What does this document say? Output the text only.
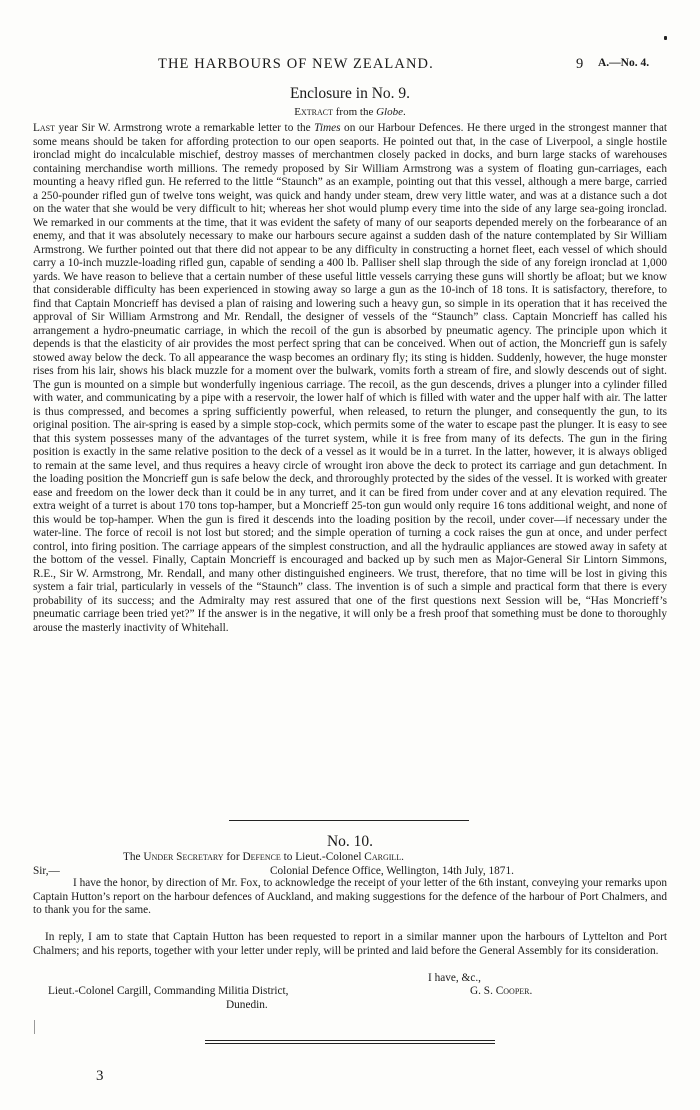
THE HARBOURS OF NEW ZEALAND.	9 A.—No. 4.
Enclosure in No. 9.
Extract from the Globe.
Last year Sir W. Armstrong wrote a remarkable letter to the Times on our Harbour Defences. He there urged in the strongest manner that some means should be taken for affording protection to our open seaports. He pointed out that, in the case of Liverpool, a single hostile ironclad might do incalculable mischief, destroy masses of merchantmen closely packed in docks, and burn large stacks of warehouses containing merchandise worth millions. The remedy proposed by Sir William Armstrong was a system of floating gun-carriages, each mounting a heavy rifled gun. He referred to the little “Staunch” as an example, pointing out that this vessel, although a mere barge, carried a 250-pounder rifled gun of twelve tons weight, was quick and handy under steam, drew very little water, and was at a distance such a dot on the water that she would be very difficult to hit; whereas her shot would plump every time into the side of any large sea-going ironclad. We remarked in our comments at the time, that it was evident the safety of many of our seaports depended merely on the forbearance of an enemy, and that it was absolutely necessary to make our harbours secure against a sudden dash of the nature contemplated by Sir William Armstrong. We further pointed out that there did not appear to be any difficulty in constructing a hornet fleet, each vessel of which should carry a 10-inch muzzle-loading rifled gun, capable of sending a 400 lb. Palliser shell slap through the side of any foreign ironclad at 1,000 yards. We have reason to believe that a certain number of these useful little vessels carrying these guns will shortly be afloat; but we know that considerable difficulty has been experienced in stowing away so large a gun as the 10-inch of 18 tons. It is satisfactory, therefore, to find that Captain Moncrieff has devised a plan of raising and lowering such a heavy gun, so simple in its operation that it has received the approval of Sir William Armstrong and Mr. Rendall, the designer of vessels of the “Staunch” class. Captain Moncrieff has called his arrangement a hydro-pneumatic carriage, in which the recoil of the gun is absorbed by pneumatic agency. The principle upon which it depends is that the elasticity of air provides the most perfect spring that can be conceived. When out of action, the Moncrieff gun is safely stowed away below the deck. To all appearance the wasp becomes an ordinary fly; its sting is hidden. Suddenly, however, the huge monster rises from his lair, shows his black muzzle for a moment over the bulwark, vomits forth a stream of fire, and slowly descends out of sight. The gun is mounted on a simple but wonderfully ingenious carriage. The recoil, as the gun descends, drives a plunger into a cylinder filled with water, and communicating by a pipe with a reservoir, the lower half of which is filled with water and the upper half with air. The latter is thus compressed, and becomes a spring sufficiently powerful, when released, to return the plunger, and consequently the gun, to its original position. The air-spring is eased by a simple stop-cock, which permits some of the water to escape past the plunger. It is easy to see that this system possesses many of the advantages of the turret system, while it is free from many of its defects. The gun in the firing position is exactly in the same relative position to the deck of a vessel as it would be in a turret. In the latter, however, it is always obliged to remain at the same level, and thus requires a heavy circle of wrought iron above the deck to protect its carriage and gun detachment. In the loading position the Moncrieff gun is safe below the deck, and throroughly protected by the sides of the vessel. It is worked with greater ease and freedom on the lower deck than it could be in any turret, and it can be fired from under cover and at any elevation required. The extra weight of a turret is about 170 tons top-hamper, but a Moncrieff 25-ton gun would only require 16 tons additional weight, and none of this would be top-hamper. When the gun is fired it descends into the loading position by the recoil, under cover—if necessary under the water-line. The force of recoil is not lost but stored; and the simple operation of turning a cock raises the gun at once, and under perfect control, into firing position. The carriage appears of the simplest construction, and all the hydraulic appliances are stowed away in safety at the bottom of the vessel. Finally, Captain Moncrieff is encouraged and backed up by such men as Major-General Sir Lintorn Simmons, R.E., Sir W. Armstrong, Mr. Rendall, and many other distinguished engineers. We trust, therefore, that no time will be lost in giving this system a fair trial, particularly in vessels of the “Staunch” class. The invention is of such a simple and practical form that there is every probability of its success; and the Admiralty may rest assured that one of the first questions next Session will be, “Has Moncrieff’s pneumatic carriage been tried yet?” If the answer is in the negative, it will only be a fresh proof that something must be done to thoroughly arouse the masterly inactivity of Whitehall.
No. 10.
The Under Secretary for Defence to Lieut.-Colonel Cargill.
Sir,—	Colonial Defence Office, Wellington, 14th July, 1871.
I have the honor, by direction of Mr. Fox, to acknowledge the receipt of your letter of the 6th instant, conveying your remarks upon Captain Hutton’s report on the harbour defences of Auckland, and making suggestions for the defence of the harbour of Port Chalmers, and to thank you for the same.
In reply, I am to state that Captain Hutton has been requested to report in a similar manner upon the harbours of Lyttelton and Port Chalmers; and his reports, together with your letter under reply, will be printed and laid before the General Assembly for its consideration.
I have, &c.,
Lieut.-Colonel Cargill, Commanding Militia District,	G. S. Cooper.
Dunedin.
3
